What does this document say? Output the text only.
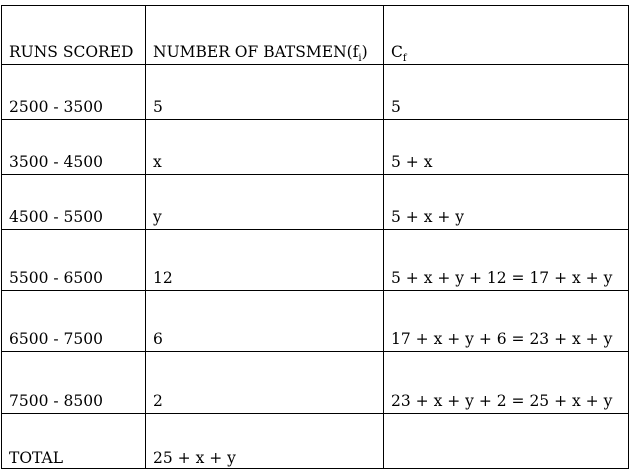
RUNS SCORED	NUMBER OF $BATSMEN(f_i)$	$C_f$
2500 - 3500	5	5
3500 - 4500	x	5 + x
4500 - 5500	y	5 + x + y
5500 - 6500	12	5 + x + y + 12 = 17 + x + y
6500 - 7500	6	17 + x + y + 6 = 23 + x + y
7500 - 8500	2	23 + x + y + 2 = 25 + x + y
TOTAL	25 + x + y	
